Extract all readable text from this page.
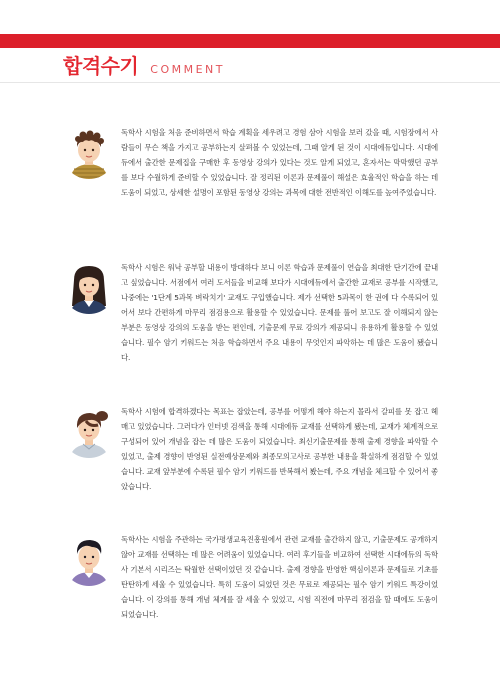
합격수기 COMMENT
독학사 시험을 처음 준비하면서 학습 계획을 세우려고 경험 삼아 시험을 보러 갔을 때, 시험장에서 사람들이 무슨 책을 가지고 공부하는지 살펴볼 수 있었는데, 그때 알게 된 것이 시대에듀입니다. 시대에듀에서 출간한 문제집을 구매한 후 동영상 강의가 있다는 것도 알게 되었고, 혼자서는 막막했던 공부를 보다 수월하게 준비할 수 있었습니다. 잘 정리된 이론과 문제풀이 해설은 효율적인 학습을 하는 데 도움이 되었고, 상세한 설명이 포함된 동영상 강의는 과목에 대한 전반적인 이해도를 높여주었습니다.
독학사 시험은 워낙 공부할 내용이 방대하다 보니 이론 학습과 문제풀이 연습을 최대한 단기간에 끝내고 싶었습니다. 서점에서 여러 도서들을 비교해 보다가 시대에듀에서 출간한 교재로 공부를 시작했고, 나중에는 '1단계 5과목 벼락치기' 교재도 구입했습니다. 제가 선택한 5과목이 한 권에 다 수록되어 있어서 보다 간편하게 마무리 점검용으로 활용할 수 있었습니다. 문제를 풀어 보고도 잘 이해되지 않는 부분은 동영상 강의의 도움을 받는 편인데, 기출문제 무료 강의가 제공되니 유용하게 활용할 수 있었습니다. 필수 암기 키워드는 처음 학습하면서 주요 내용이 무엇인지 파악하는 데 많은 도움이 됐습니다.
독학사 시험에 합격하겠다는 목표는 잡았는데, 공부를 어떻게 해야 하는지 몰라서 갈피를 못 잡고 헤매고 있었습니다. 그러다가 인터넷 검색을 통해 시대에듀 교재를 선택하게 됐는데, 교재가 체계적으로 구성되어 있어 개념을 잡는 데 많은 도움이 되었습니다. 최신기출문제를 통해 출제 경향을 파악할 수 있었고, 출제 경향이 반영된 실전예상문제와 최종모의고사로 공부한 내용을 확실하게 점검할 수 있었습니다. 교재 앞부분에 수록된 필수 암기 키워드를 반복해서 봤는데, 주요 개념을 체크할 수 있어서 좋았습니다.
독학사는 시험을 주관하는 국가평생교육진흥원에서 관련 교재를 출간하지 않고, 기출문제도 공개하지 않아 교재를 선택하는 데 많은 어려움이 있었습니다. 여러 후기들을 비교하여 선택한 시대에듀의 독학사 기본서 시리즈는 탁월한 선택이었던 것 같습니다. 출제 경향을 반영한 핵심이론과 문제들로 기초를 탄탄하게 세울 수 있었습니다. 특히 도움이 되었던 것은 무료로 제공되는 필수 암기 키워드 특강이었습니다. 이 강의를 통해 개념 체계를 잘 세울 수 있었고, 시험 직전에 마무리 점검을 할 때에도 도움이 되었습니다.
